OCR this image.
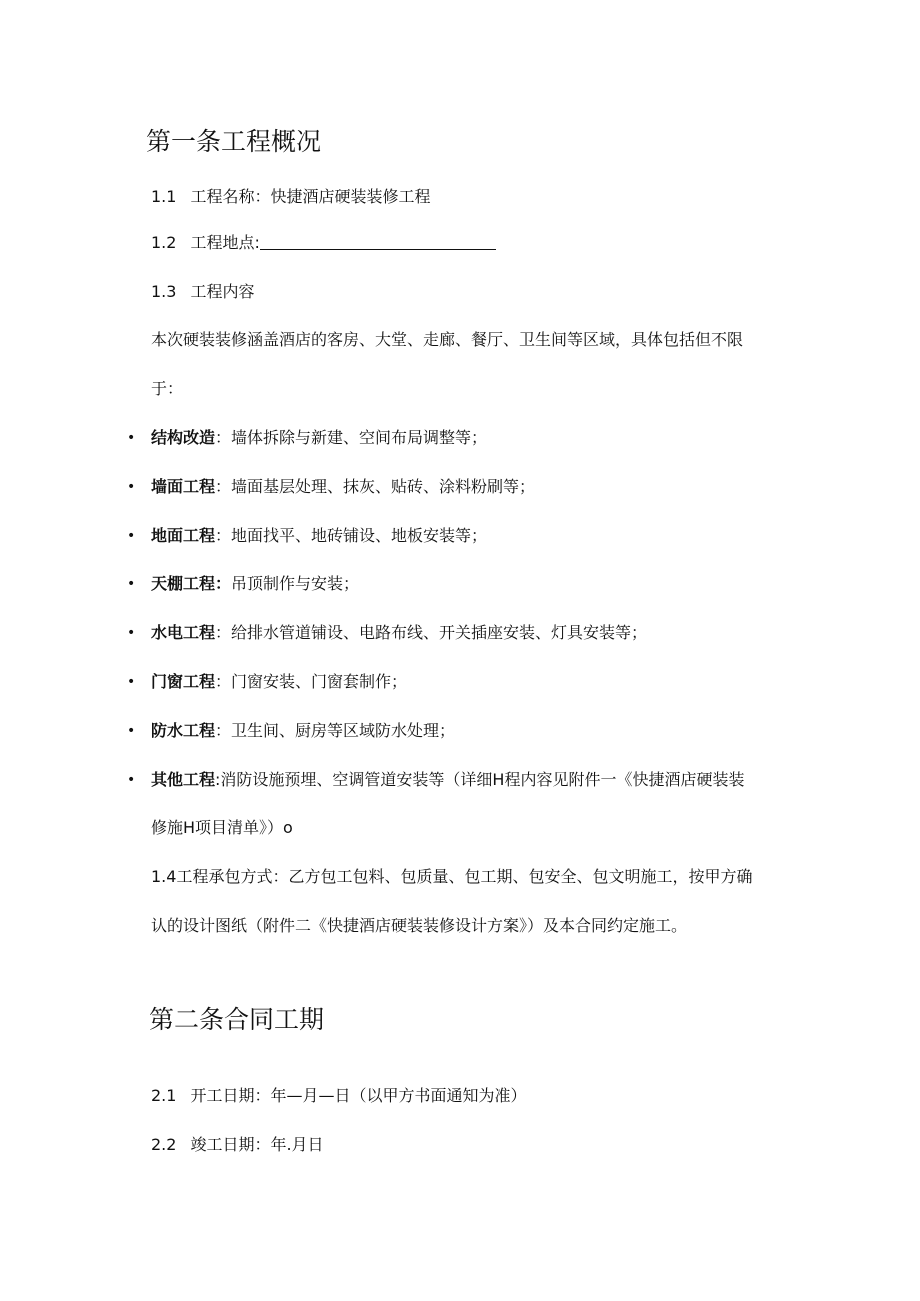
第一条工程概况
1.1 工程名称：快捷酒店硬装装修工程
1.2 工程地点:
1.3 工程内容
本次硬装装修涵盖酒店的客房、大堂、走廊、餐厅、卫生间等区域，具体包括但不限
于：
• 结构改造：墙体拆除与新建、空间布局调整等；
• 墙面工程：墙面基层处理、抹灰、贴砖、涂料粉刷等；
• 地面工程：地面找平、地砖铺设、地板安装等；
• 天棚工程：吊顶制作与安装；
• 水电工程：给排水管道铺设、电路布线、开关插座安装、灯具安装等；
• 门窗工程：门窗安装、门窗套制作；
• 防水工程：卫生间、厨房等区域防水处理；
• 其他工程:消防设施预埋、空调管道安装等（详细H程内容见附件一《快捷酒店硬装装
修施H项目清单》）o
1.4工程承包方式：乙方包工包料、包质量、包工期、包安全、包文明施工，按甲方确
认的设计图纸（附件二《快捷酒店硬装装修设计方案》）及本合同约定施工。
第二条合同工期
2.1 开工日期：年—月—日（以甲方书面通知为准）
2.2 竣工日期：年.月日
